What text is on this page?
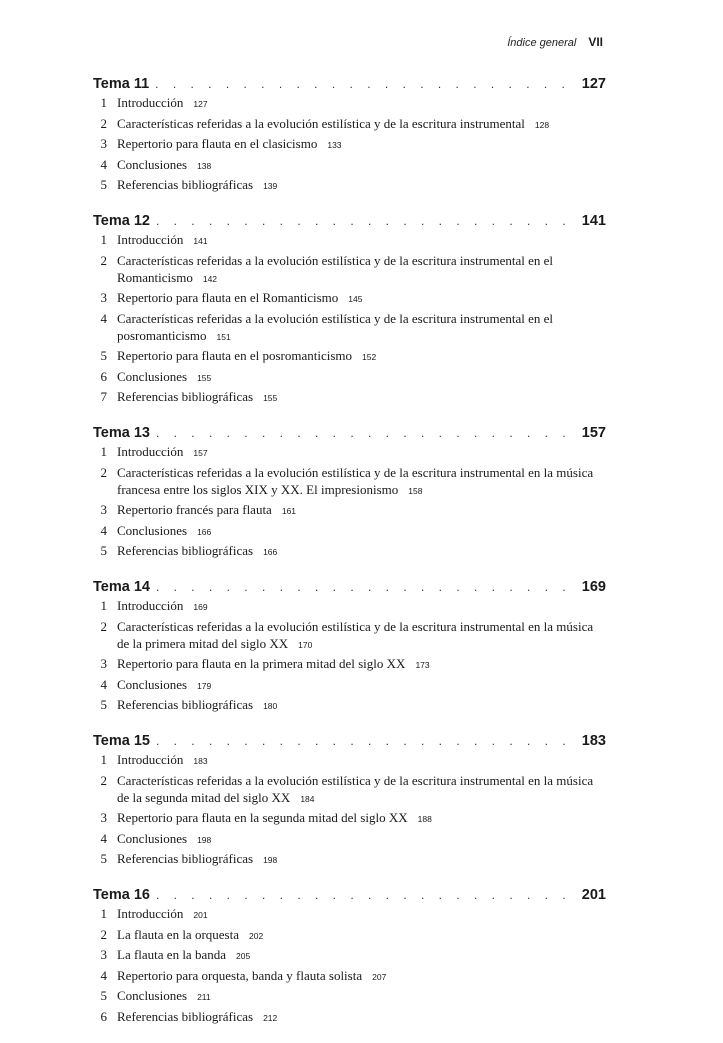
Índice general VII
Tema 11 . . .	127
1 Introducción 127
2 Características referidas a la evolución estilística y de la escritura instrumental 128
3 Repertorio para flauta en el clasicismo 133
4 Conclusiones 138
5 Referencias bibliográficas 139
Tema 12 . . .	141
1 Introducción 141
2 Características referidas a la evolución estilística y de la escritura instrumental en el Romanticismo 142
3 Repertorio para flauta en el Romanticismo 145
4 Características referidas a la evolución estilística y de la escritura instrumental en el posromanticismo 151
5 Repertorio para flauta en el posromanticismo 152
6 Conclusiones 155
7 Referencias bibliográficas 155
Tema 13 . . .	157
1 Introducción 157
2 Características referidas a la evolución estilística y de la escritura instrumental en la música francesa entre los siglos XIX y XX. El impresionismo 158
3 Repertorio francés para flauta 161
4 Conclusiones 166
5 Referencias bibliográficas 166
Tema 14 . . .	169
1 Introducción 169
2 Características referidas a la evolución estilística y de la escritura instrumental en la música de la primera mitad del siglo XX 170
3 Repertorio para flauta en la primera mitad del siglo XX 173
4 Conclusiones 179
5 Referencias bibliográficas 180
Tema 15 . . .	183
1 Introducción 183
2 Características referidas a la evolución estilística y de la escritura instrumental en la música de la segunda mitad del siglo XX 184
3 Repertorio para flauta en la segunda mitad del siglo XX 188
4 Conclusiones 198
5 Referencias bibliográficas 198
Tema 16 . . .	201
1 Introducción 201
2 La flauta en la orquesta 202
3 La flauta en la banda 205
4 Repertorio para orquesta, banda y flauta solista 207
5 Conclusiones 211
6 Referencias bibliográficas 212
